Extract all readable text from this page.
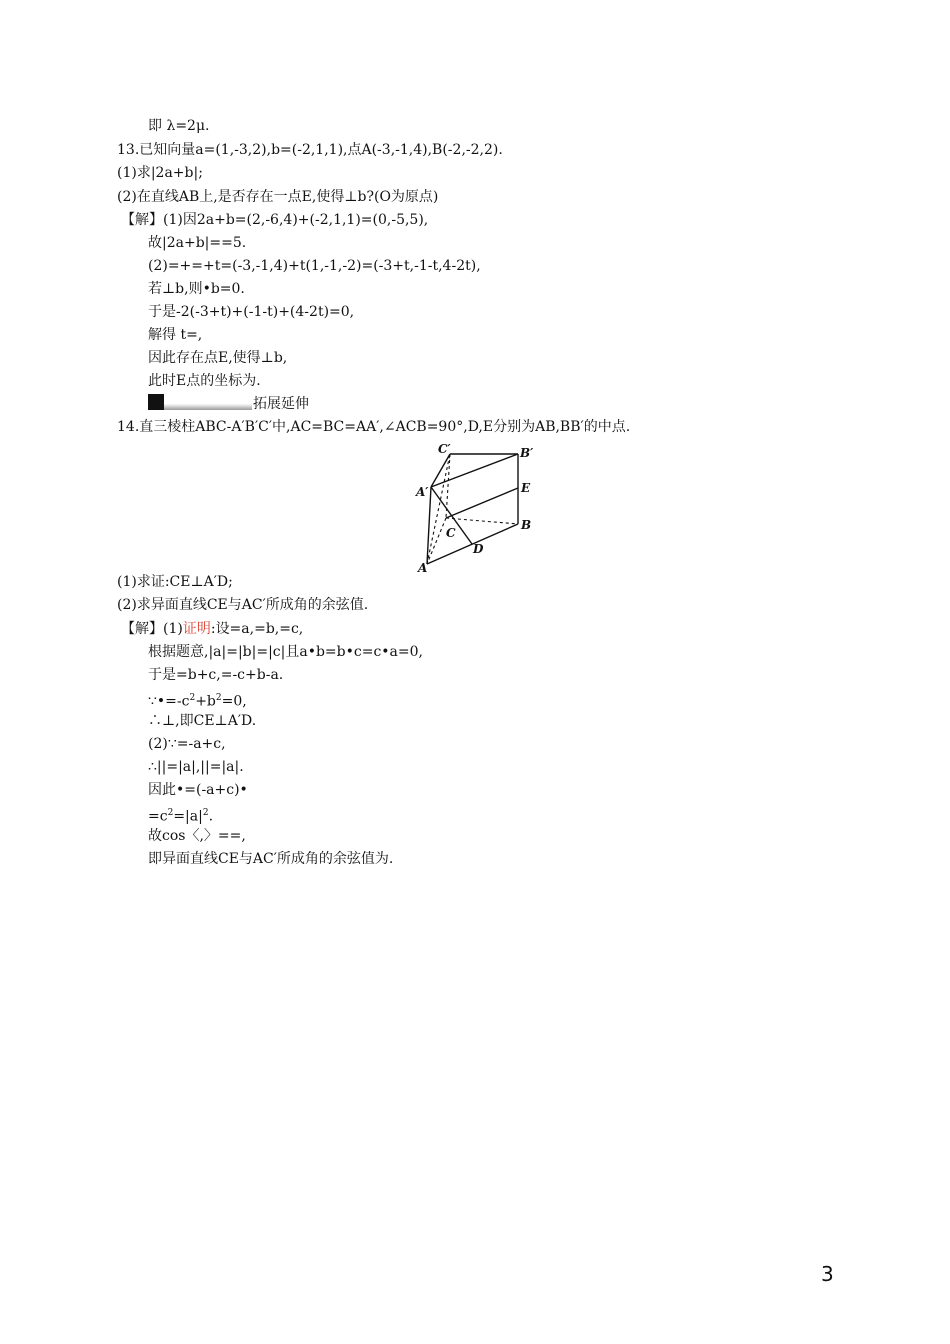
即 λ=2μ.
13.已知向量a=(1,-3,2),b=(-2,1,1),点A(-3,-1,4),B(-2,-2,2).
(1)求|2a+b|;
(2)在直线AB上,是否存在一点E,使得⊥b?(O为原点)
【解】(1)因2a+b=(2,-6,4)+(-2,1,1)=(0,-5,5),
故|2a+b|==5.
(2)=+=+t=(-3,-1,4)+t(1,-1,-2)=(-3+t,-1-t,4-2t),
若⊥b,则•b=0.
于是-2(-3+t)+(-1-t)+(4-2t)=0,
解得 t=,
因此存在点E,使得⊥b,
此时E点的坐标为.
拓展延伸
14.直三棱柱ABC-A′B′C′中,AC=BC=AA′,∠ACB=90°,D,E分别为AB,BB′的中点.
C′	B′
A′	E
B
C
D
A
(1)求证:CE⊥A′D;
(2)求异面直线CE与AC′所成角的余弦值.
【解】(1)证明:设=a,=b,=c,
根据题意,|a|=|b|=|c|且a•b=b•c=c•a=0,
于是=b+c,=-c+b-a.
$\because•=-c^2+b^2=0$,
∴⊥,即CE⊥A′D.
(2)∵=-a+c,
∴||=|a|,||=|a|.
因此•=(-a+c)•
$=c^2=|a|^2$.
故cos〈,〉==,
即异面直线CE与AC′所成角的余弦值为.
3
